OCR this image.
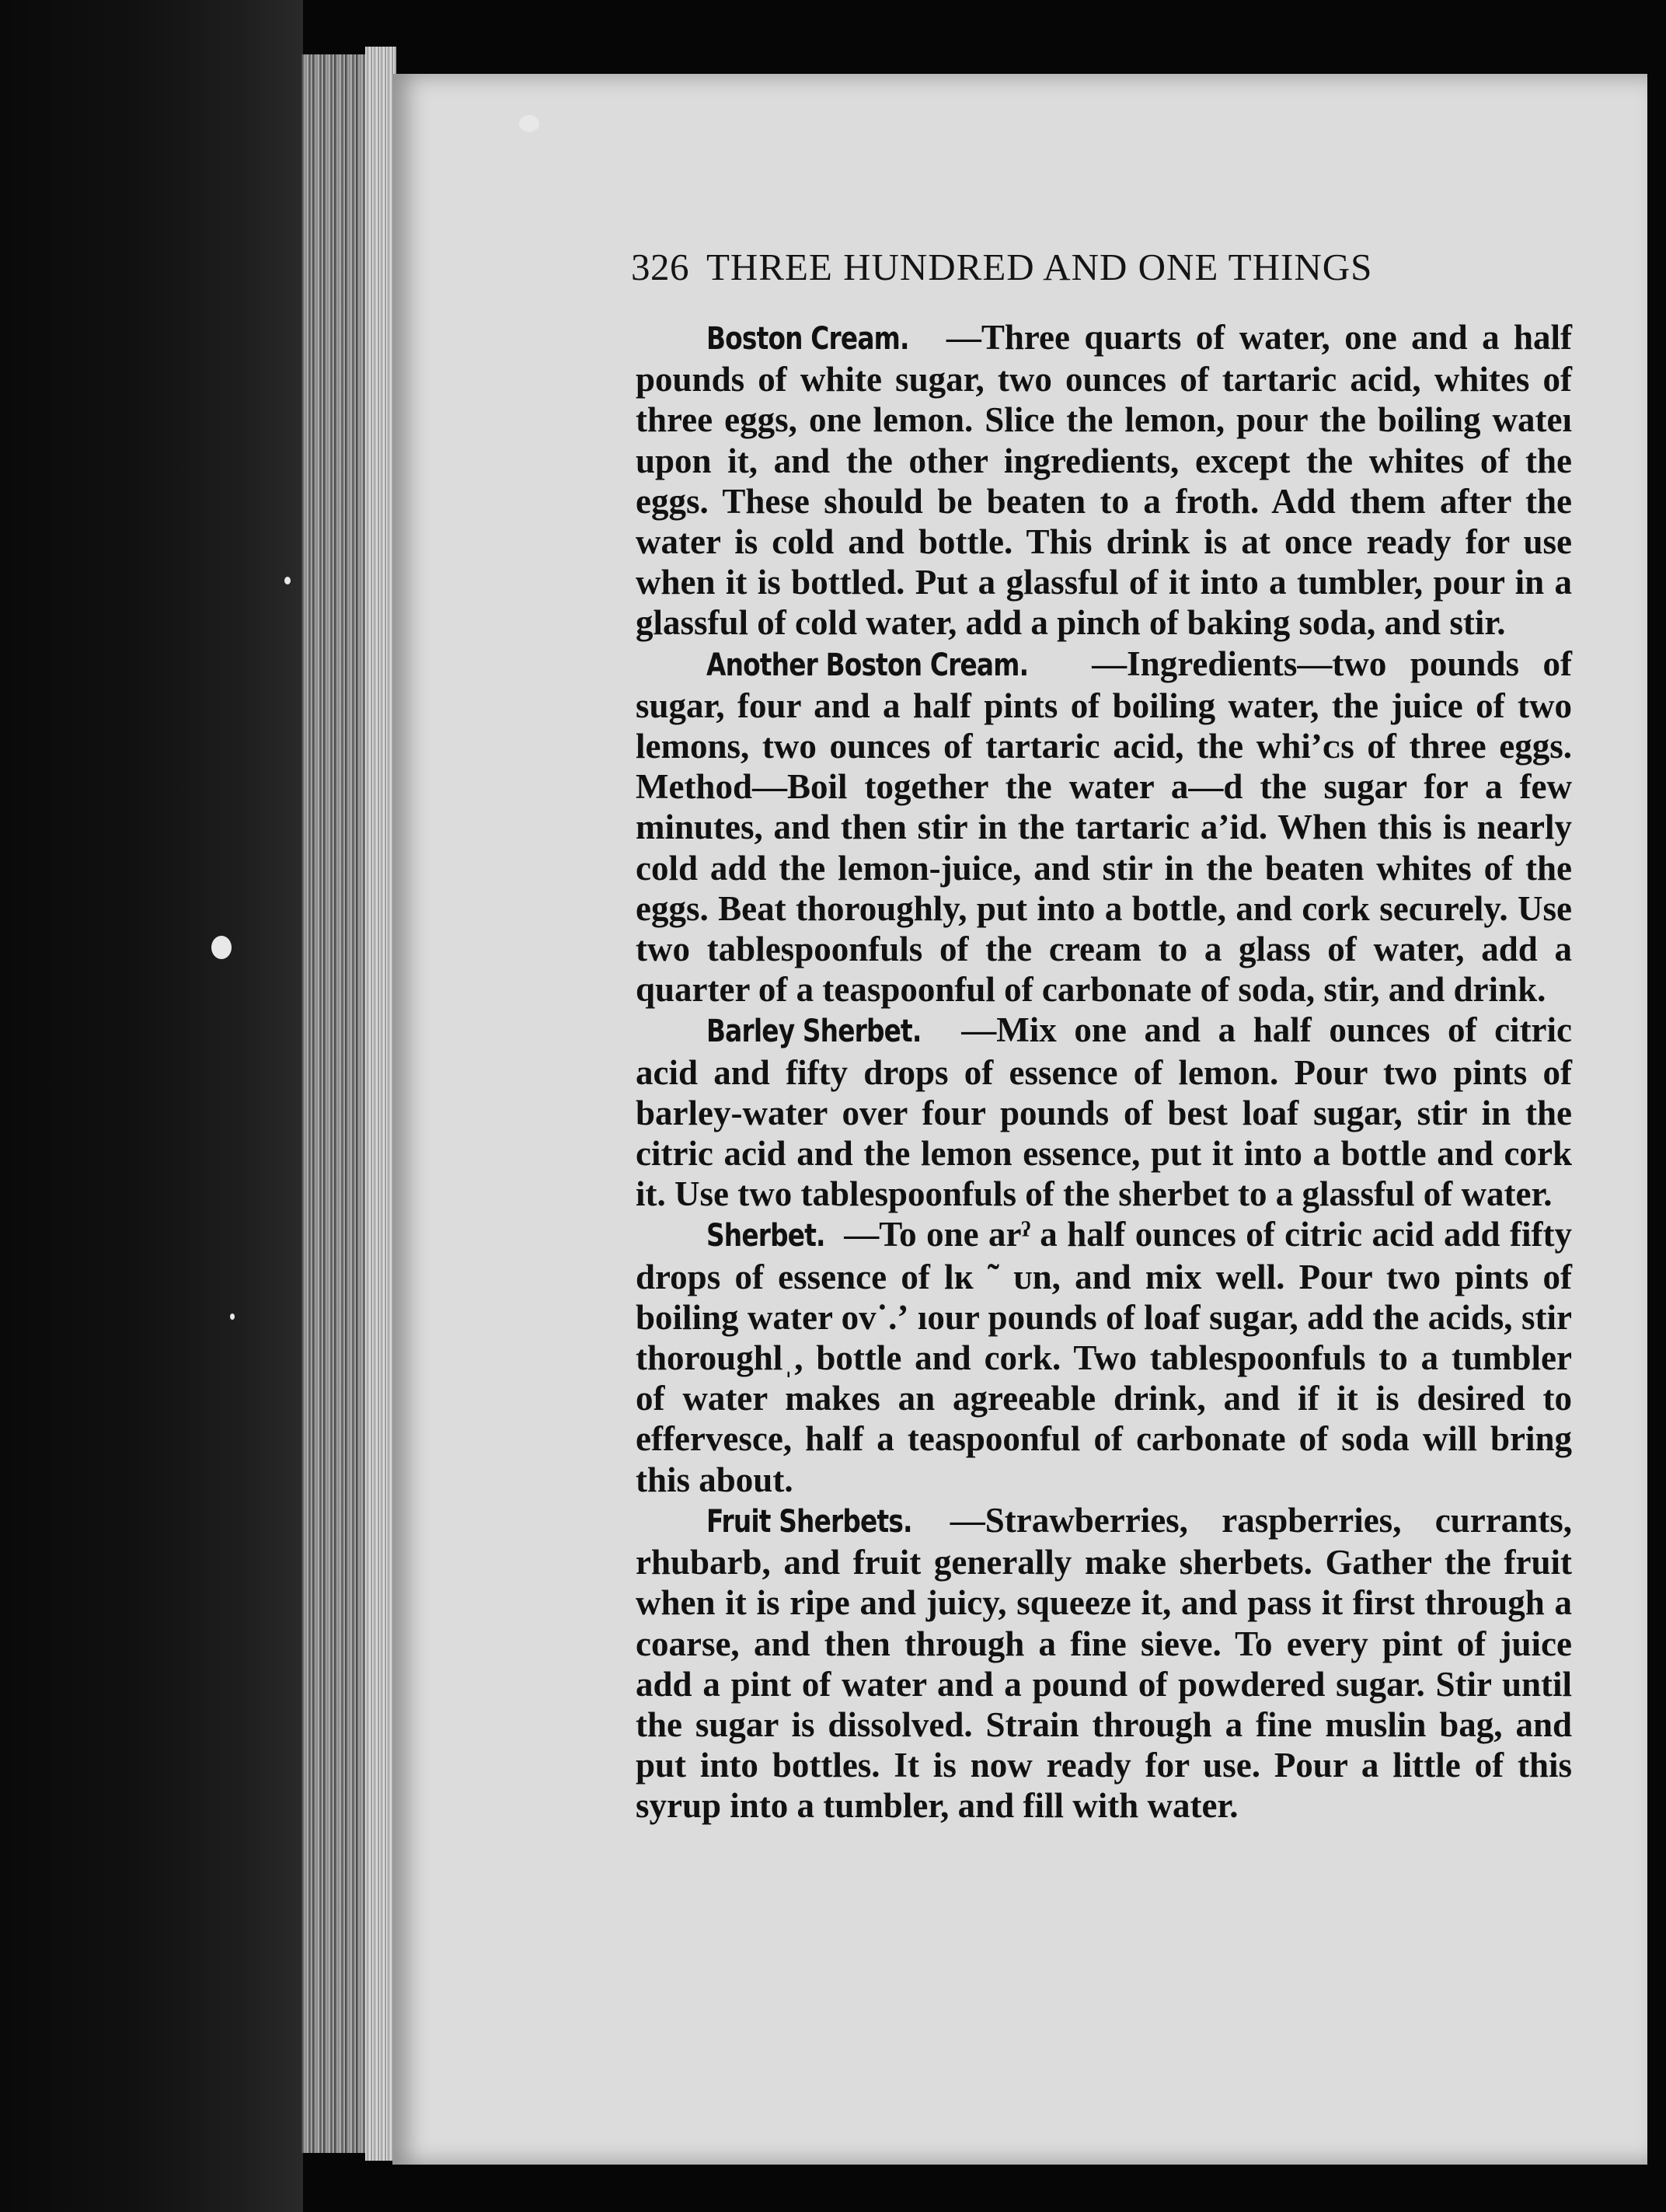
326 THREE HUNDRED AND ONE THINGS

Boston Cream. —Three quarts of water, one and a half pounds of white sugar, two ounces of tartaric acid, whites of three eggs, one lemon. Slice the lemon, pour the boiling wateı upon it, and the other ingredients, except the whites of the eggs. These should be beaten to a froth. Add them after the water is cold and bottle. This drink is at once ready for use when it is bottled. Put a glassful of it into a tumbler, pour in a glassful of cold water, add a pinch of baking soda, and stir.

Another Boston Cream. —Ingredients—two pounds of sugar, four and a half pints of boiling water, the juice of two lemons, two ounces of tartaric acid, the whi’ᴄѕ of three eggs. Method—Boil together the water a—d the sugar for a few minutes, and then stir in the tartaric aʼid. When this is nearly cold add the lemon-juice, and stir in the beaten whites of the eggs. Beat thoroughly, put into a bottle, and cork securely. Use two tablespoonfuls of the cream to a glass of water, add a quarter of a teaspoonful of carbonate of soda, stir, and drink.

Barley Sherbet. —Mix one and a half ounces of citric acid and fifty drops of essence of lemon. Pour two pints of barley-water over four pounds of best loaf sugar, stir in the citric acid and the lemon essence, put it into a bottle and cork it. Use two tablespoonfuls of the sherbet to a glassful of water.

Sherbet. —To one arˀ a half ounces of citric acid add fifty drops of essence of lĸ ˜ ᴜn, and mix well. Pour two pints of boiling water ov˙.ʼ ıour pounds of loaf sugar, add the acids, stir thoroughlˌ, bottle and cork. Two tablespoonfuls to a tumbler of water makes an agreeable drink, and if it is desired to effervesce, half a teaspoonful of carbonate of soda will bring this about.

Fruit Sherbets. —Strawberries, raspberries, currants, rhubarb, and fruit generally make sherbets. Gather the fruit when it is ripe and juicy, squeeze it, and pass it first through a coarse, and then through a fine sieve. To every pint of juice add a pint of water and a pound of powdered sugar. Stir until the sugar is dissolved. Strain through a fine muslin bag, and put into bottles. It is now ready for use. Pour a little of this syrup into a tumbler, and fill with water.
